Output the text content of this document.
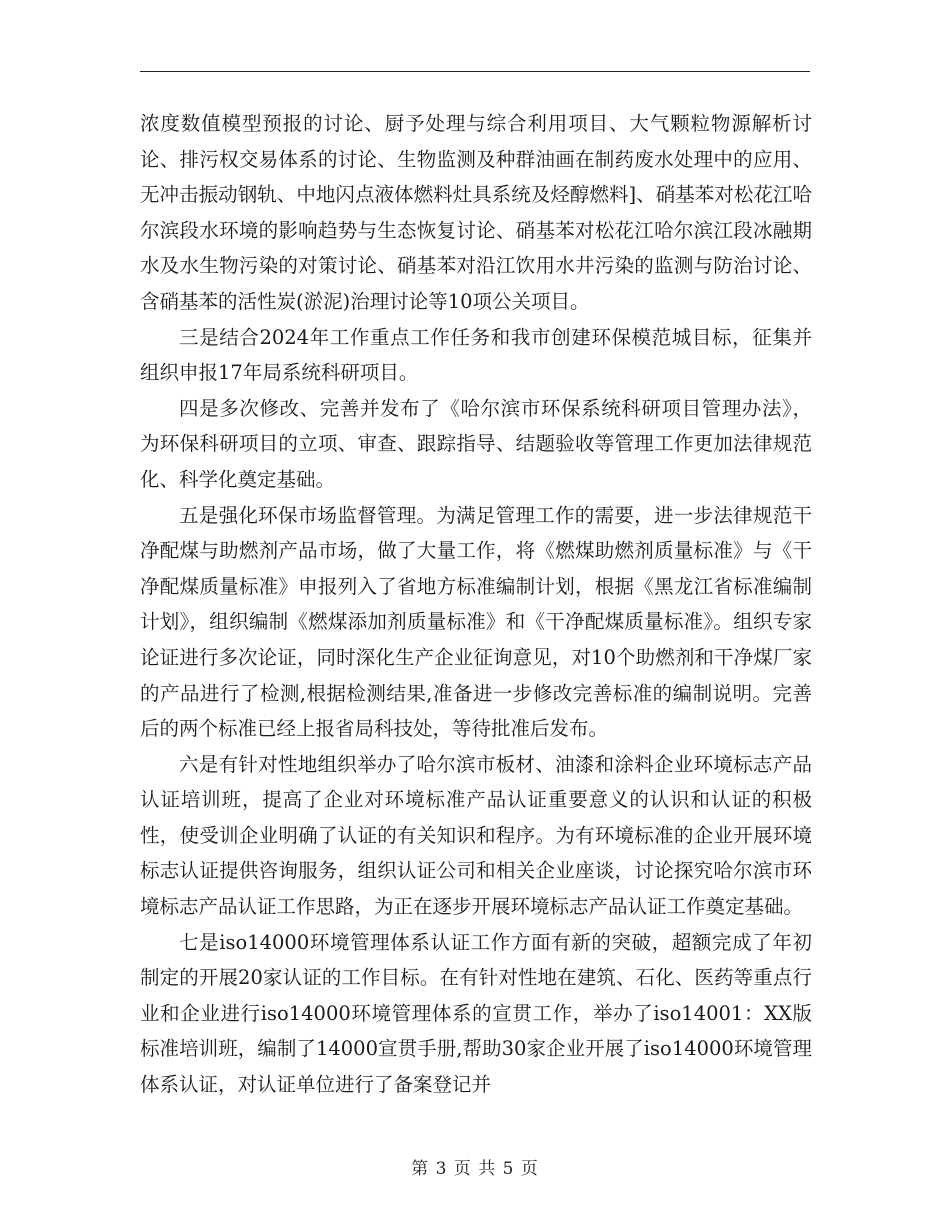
浓度数值模型预报的讨论、厨予处理与综合利用项目、大气颗粒物源解析讨论、排污权交易体系的讨论、生物监测及种群油画在制药废水处理中的应用、无冲击振动钢轨、中地闪点液体燃料灶具系统及烃醇燃料]、硝基苯对松花江哈尔滨段水环境的影响趋势与生态恢复讨论、硝基苯对松花江哈尔滨江段冰融期水及水生物污染的对策讨论、硝基苯对沿江饮用水井污染的监测与防治讨论、含硝基苯的活性炭(淤泥)治理讨论等10项公关项目。

三是结合2024年工作重点工作任务和我市创建环保模范城目标，征集并组织申报17年局系统科研项目。

四是多次修改、完善并发布了《哈尔滨市环保系统科研项目管理办法》，为环保科研项目的立项、审查、跟踪指导、结题验收等管理工作更加法律规范化、科学化奠定基础。

五是强化环保市场监督管理。为满足管理工作的需要，进一步法律规范干净配煤与助燃剂产品市场，做了大量工作，将《燃煤助燃剂质量标准》与《干净配煤质量标准》申报列入了省地方标准编制计划，根据《黑龙江省标准编制计划》，组织编制《燃煤添加剂质量标准》和《干净配煤质量标准》。组织专家论证进行多次论证，同时深化生产企业征询意见，对10个助燃剂和干净煤厂家的产品进行了检测,根据检测结果,准备进一步修改完善标准的编制说明。完善后的两个标准已经上报省局科技处，等待批准后发布。

六是有针对性地组织举办了哈尔滨市板材、油漆和涂料企业环境标志产品认证培训班，提高了企业对环境标准产品认证重要意义的认识和认证的积极性，使受训企业明确了认证的有关知识和程序。为有环境标准的企业开展环境标志认证提供咨询服务，组织认证公司和相关企业座谈，讨论探究哈尔滨市环境标志产品认证工作思路，为正在逐步开展环境标志产品认证工作奠定基础。

七是iso14000环境管理体系认证工作方面有新的突破，超额完成了年初制定的开展20家认证的工作目标。在有针对性地在建筑、石化、医药等重点行业和企业进行iso14000环境管理体系的宣贯工作，举办了iso14001：XX版标准培训班，编制了14000宣贯手册,帮助30家企业开展了iso14000环境管理体系认证，对认证单位进行了备案登记并

第 3 页 共 5 页
